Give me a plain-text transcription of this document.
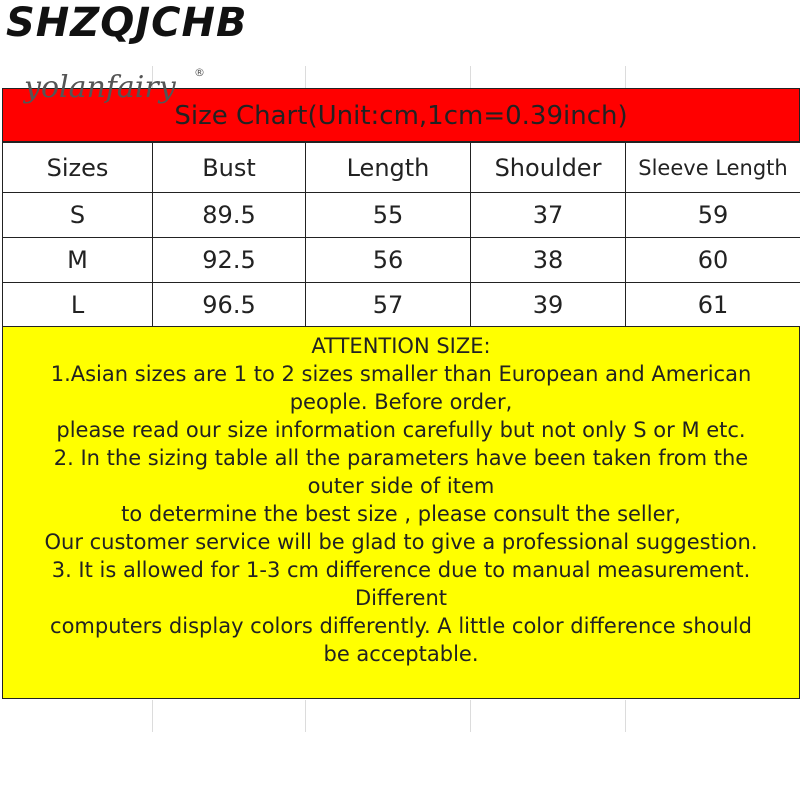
SHZQJCHB
Size Chart(Unit:cm,1cm=0.39inch)
yolanfairy ®
Sizes	Bust	Length	Shoulder	Sleeve Length
S	89.5	55	37	59
M	92.5	56	38	60
L	96.5	57	39	61
ATTENTION SIZE:
1.Asian sizes are 1 to 2 sizes smaller than European and American
people. Before order,
please read our size information carefully but not only S or M etc.
2. In the sizing table all the parameters have been taken from the
outer side of item
to determine the best size , please consult the seller,
Our customer service will be glad to give a professional suggestion.
3. It is allowed for 1-3 cm difference due to manual measurement.
Different
computers display colors differently. A little color difference should
be acceptable.
